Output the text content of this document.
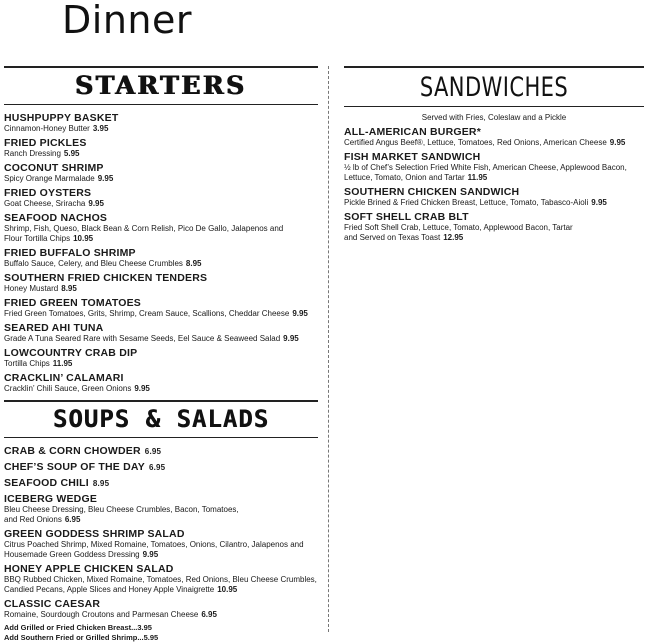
Dinner
STARTERS
HUSHPUPPY BASKET
Cinnamon-Honey Butter 3.95
FRIED PICKLES
Ranch Dressing 5.95
COCONUT SHRIMP
Spicy Orange Marmalade 9.95
FRIED OYSTERS
Goat Cheese, Sriracha 9.95
SEAFOOD NACHOS
Shrimp, Fish, Queso, Black Bean & Corn Relish, Pico De Gallo, Jalapenos and Flour Tortilla Chips 10.95
FRIED BUFFALO SHRIMP
Buffalo Sauce, Celery, and Bleu Cheese Crumbles 8.95
SOUTHERN FRIED CHICKEN TENDERS
Honey Mustard 8.95
FRIED GREEN TOMATOES
Fried Green Tomatoes, Grits, Shrimp, Cream Sauce, Scallions, Cheddar Cheese 9.95
SEARED AHI TUNA
Grade A Tuna Seared Rare with Sesame Seeds, Eel Sauce & Seaweed Salad 9.95
LOWCOUNTRY CRAB DIP
Tortilla Chips 11.95
CRACKLIN’ CALAMARI
Cracklin’ Chili Sauce, Green Onions 9.95
SOUPS & SALADS
CRAB & CORN CHOWDER 6.95
CHEF’S SOUP OF THE DAY 6.95
SEAFOOD CHILI 8.95
ICEBERG WEDGE
Bleu Cheese Dressing, Bleu Cheese Crumbles, Bacon, Tomatoes, and Red Onions 6.95
GREEN GODDESS SHRIMP SALAD
Citrus Poached Shrimp, Mixed Romaine, Tomatoes, Onions, Cilantro, Jalapenos and Housemade Green Goddess Dressing 9.95
HONEY APPLE CHICKEN SALAD
BBQ Rubbed Chicken, Mixed Romaine, Tomatoes, Red Onions, Bleu Cheese Crumbles, Candied Pecans, Apple Slices and Honey Apple Vinaigrette 10.95
CLASSIC CAESAR
Romaine, Sourdough Croutons and Parmesan Cheese 6.95
Add Grilled or Fried Chicken Breast...3.95
Add Southern Fried or Grilled Shrimp...5.95
SANDWICHES
Served with Fries, Coleslaw and a Pickle
ALL-AMERICAN BURGER*
Certified Angus Beef®, Lettuce, Tomatoes, Red Onions, American Cheese 9.95
FISH MARKET SANDWICH
½ lb of Chef’s Selection Fried White Fish, American Cheese, Applewood Bacon, Lettuce, Tomato, Onion and Tartar 11.95
SOUTHERN CHICKEN SANDWICH
Pickle Brined & Fried Chicken Breast, Lettuce, Tomato, Tabasco-Aioli 9.95
SOFT SHELL CRAB BLT
Fried Soft Shell Crab, Lettuce, Tomato, Applewood Bacon, Tartar and Served on Texas Toast 12.95
